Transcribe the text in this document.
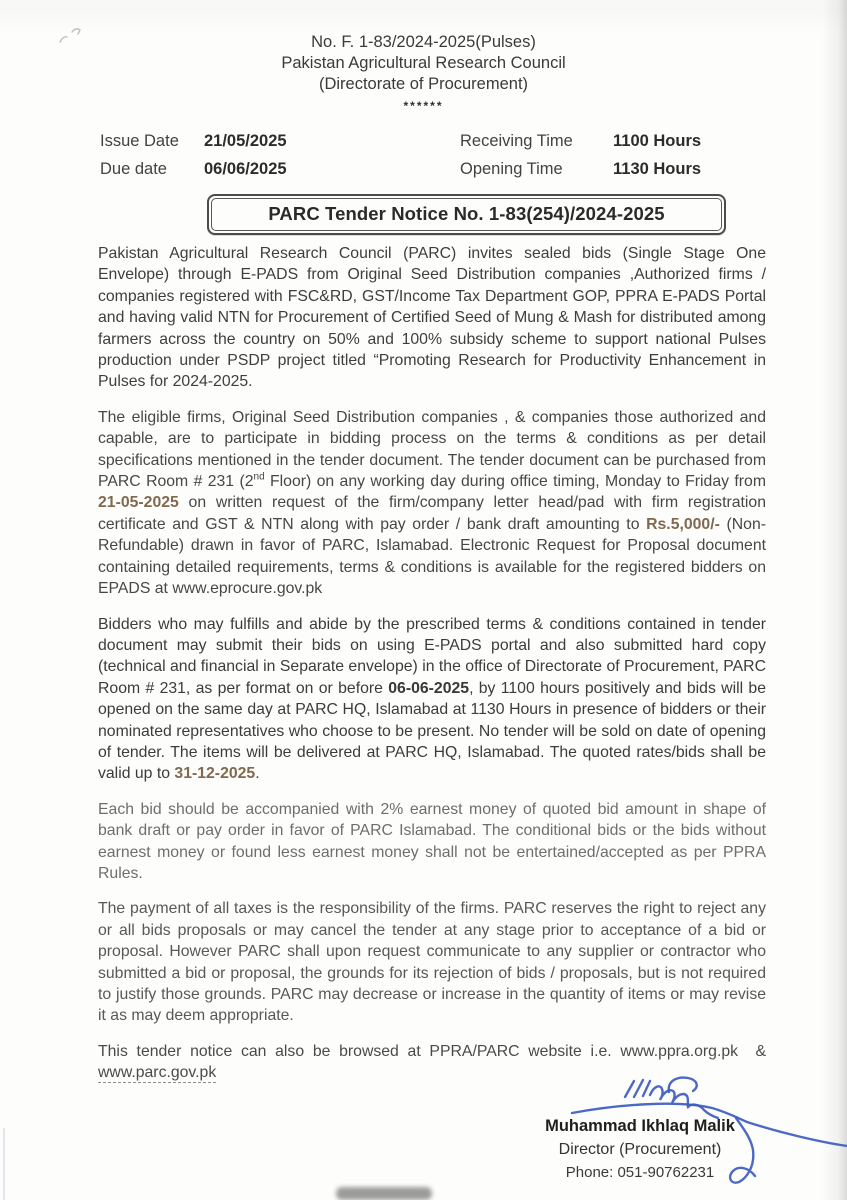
No. F. 1-83/2024-2025(Pulses)
Pakistan Agricultural Research Council
(Directorate of Procurement)
******
Issue Date	21/05/2025	Receiving Time	1100 Hours
Due date	06/06/2025	Opening Time	1130 Hours
PARC Tender Notice No. 1-83(254)/2024-2025

Pakistan Agricultural Research Council (PARC) invites sealed bids (Single Stage One Envelope) through E-PADS from Original Seed Distribution companies ,Authorized firms / companies registered with FSC&RD, GST/Income Tax Department GOP, PPRA E-PADS Portal and having valid NTN for Procurement of Certified Seed of Mung & Mash for distributed among farmers across the country on 50% and 100% subsidy scheme to support national Pulses production under PSDP project titled “Promoting Research for Productivity Enhancement in Pulses for 2024-2025.

The eligible firms, Original Seed Distribution companies , & companies those authorized and capable, are to participate in bidding process on the terms & conditions as per detail specifications mentioned in the tender document. The tender document can be purchased from PARC Room # 231 (2nd Floor) on any working day during office timing, Monday to Friday from 21-05-2025 on written request of the firm/company letter head/pad with firm registration certificate and GST & NTN along with pay order / bank draft amounting to Rs.5,000/- (Non-Refundable) drawn in favor of PARC, Islamabad. Electronic Request for Proposal document containing detailed requirements, terms & conditions is available for the registered bidders on EPADS at www.eprocure.gov.pk

Bidders who may fulfills and abide by the prescribed terms & conditions contained in tender document may submit their bids on using E-PADS portal and also submitted hard copy (technical and financial in Separate envelope) in the office of Directorate of Procurement, PARC Room # 231, as per format on or before 06-06-2025, by 1100 hours positively and bids will be opened on the same day at PARC HQ, Islamabad at 1130 Hours in presence of bidders or their nominated representatives who choose to be present. No tender will be sold on date of opening of tender. The items will be delivered at PARC HQ, Islamabad. The quoted rates/bids shall be valid up to 31-12-2025.

Each bid should be accompanied with 2% earnest money of quoted bid amount in shape of bank draft or pay order in favor of PARC Islamabad. The conditional bids or the bids without earnest money or found less earnest money shall not be entertained/accepted as per PPRA Rules.

The payment of all taxes is the responsibility of the firms. PARC reserves the right to reject any or all bids proposals or may cancel the tender at any stage prior to acceptance of a bid or proposal. However PARC shall upon request communicate to any supplier or contractor who submitted a bid or proposal, the grounds for its rejection of bids / proposals, but is not required to justify those grounds. PARC may decrease or increase in the quantity of items or may revise it as may deem appropriate.

This tender notice can also be browsed at PPRA/PARC website i.e. www.ppra.org.pk  & www.parc.gov.pk

Muhammad Ikhlaq Malik
Director (Procurement)
Phone: 051-90762231
